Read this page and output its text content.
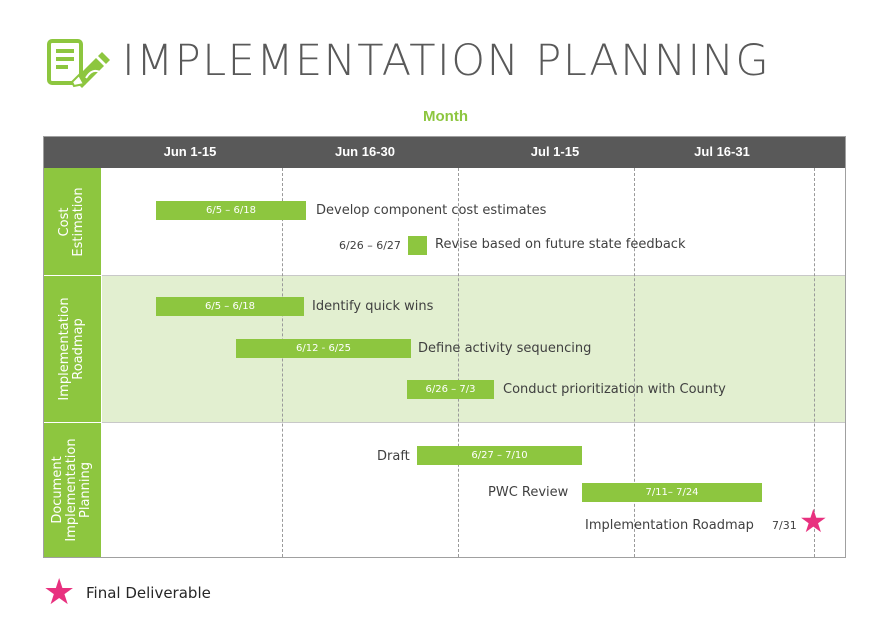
IMPLEMENTATION PLANNING
Month
Cost Estimation
Implementation Roadmap
Document Implementation Planning
Jun 1-15	Jun 16-30	Jul 1-15	Jul 16-31
6/5 – 6/18	Develop component cost estimates
6/26 – 6/27	Revise based on future state feedback
6/5 – 6/18	Identify quick wins
6/12 - 6/25	Define activity sequencing
6/26 – 7/3	Conduct prioritization with County
Draft	6/27 – 7/10
PWC Review	7/11– 7/24
Implementation Roadmap 7/31 ★
★ Final Deliverable
